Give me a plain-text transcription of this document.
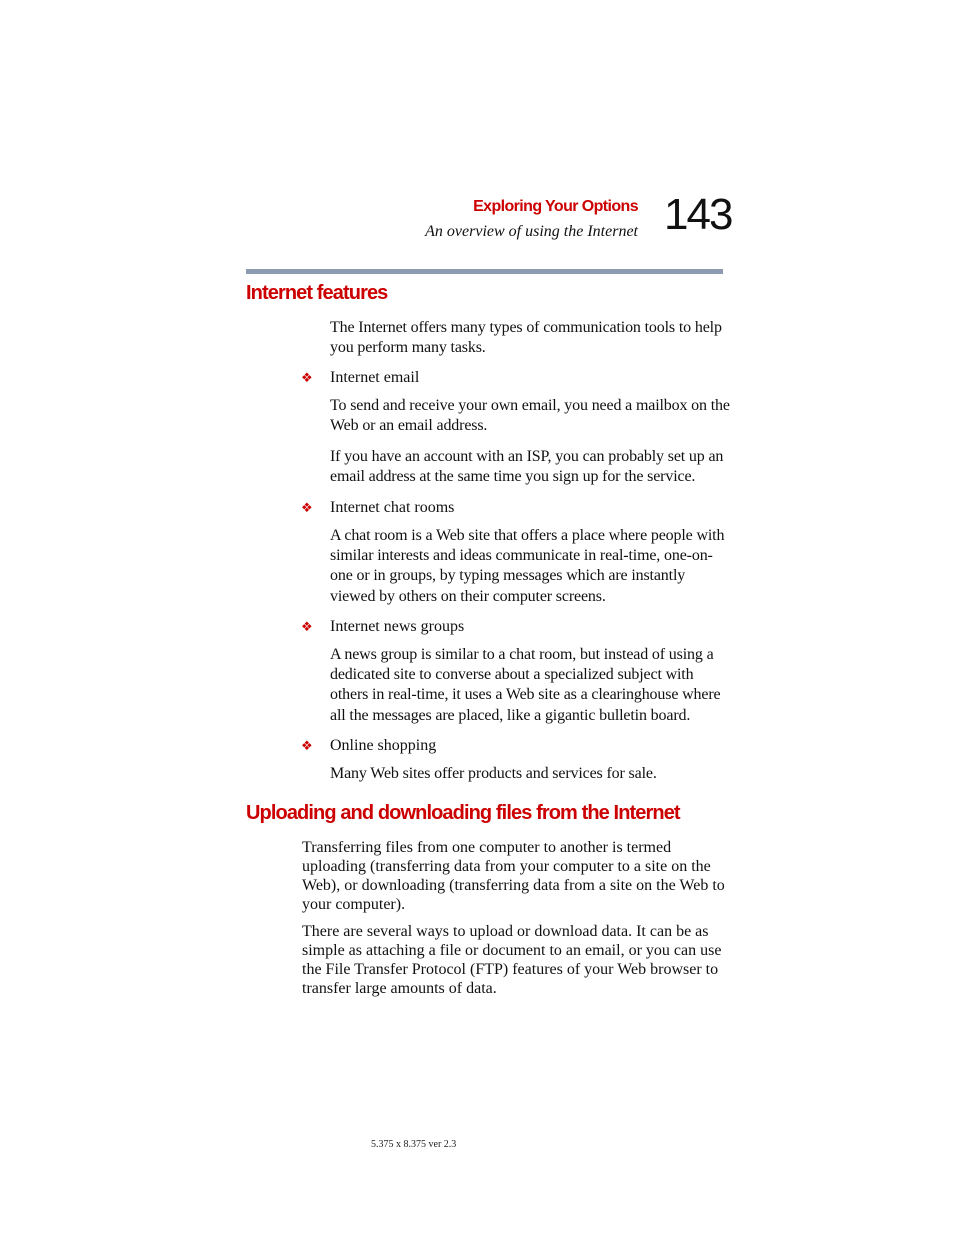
Exploring Your Options
An overview of using the Internet 143
Internet features

The Internet offers many types of communication tools to help you perform many tasks.

❖ Internet email

To send and receive your own email, you need a mailbox on the Web or an email address.

If you have an account with an ISP, you can probably set up an email address at the same time you sign up for the service.

❖ Internet chat rooms

A chat room is a Web site that offers a place where people with similar interests and ideas communicate in real-time, one-on-one or in groups, by typing messages which are instantly viewed by others on their computer screens.

❖ Internet news groups

A news group is similar to a chat room, but instead of using a dedicated site to converse about a specialized subject with others in real-time, it uses a Web site as a clearinghouse where all the messages are placed, like a gigantic bulletin board.

❖ Online shopping

Many Web sites offer products and services for sale.

Uploading and downloading files from the Internet

Transferring files from one computer to another is termed uploading (transferring data from your computer to a site on the Web), or downloading (transferring data from a site on the Web to your computer).

There are several ways to upload or download data. It can be as simple as attaching a file or document to an email, or you can use the File Transfer Protocol (FTP) features of your Web browser to transfer large amounts of data.

5.375 x 8.375 ver 2.3
